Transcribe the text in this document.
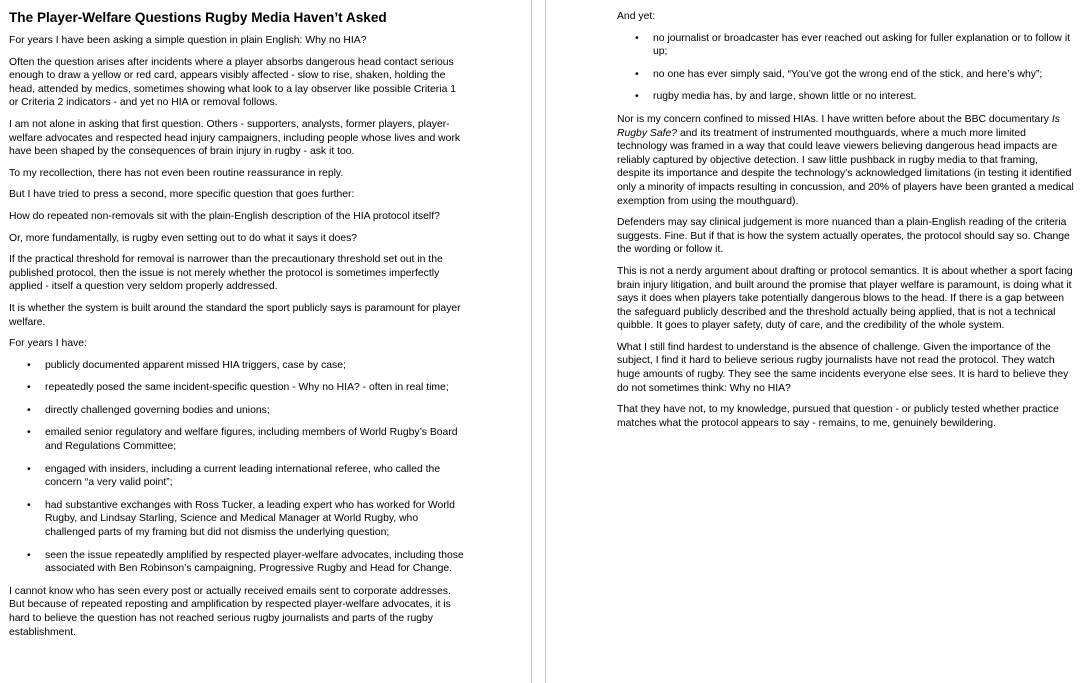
The Player-Welfare Questions Rugby Media Haven’t Asked

For years I have been asking a simple question in plain English: Why no HIA?

Often the question arises after incidents where a player absorbs dangerous head contact serious enough to draw a yellow or red card, appears visibly affected - slow to rise, shaken, holding the head, attended by medics, sometimes showing what look to a lay observer like possible Criteria 1 or Criteria 2 indicators - and yet no HIA or removal follows.

I am not alone in asking that first question. Others - supporters, analysts, former players, player-welfare advocates and respected head injury campaigners, including people whose lives and work have been shaped by the consequences of brain injury in rugby - ask it too.

To my recollection, there has not even been routine reassurance in reply.

But I have tried to press a second, more specific question that goes further:

How do repeated non-removals sit with the plain-English description of the HIA protocol itself?

Or, more fundamentally, is rugby even setting out to do what it says it does?

If the practical threshold for removal is narrower than the precautionary threshold set out in the published protocol, then the issue is not merely whether the protocol is sometimes imperfectly applied - itself a question very seldom properly addressed.

It is whether the system is built around the standard the sport publicly says is paramount for player welfare.

For years I have:

• publicly documented apparent missed HIA triggers, case by case;
• repeatedly posed the same incident-specific question - Why no HIA? - often in real time;
• directly challenged governing bodies and unions;
• emailed senior regulatory and welfare figures, including members of World Rugby’s Board and Regulations Committee;
• engaged with insiders, including a current leading international referee, who called the concern “a very valid point”;
• had substantive exchanges with Ross Tucker, a leading expert who has worked for World Rugby, and Lindsay Starling, Science and Medical Manager at World Rugby, who challenged parts of my framing but did not dismiss the underlying question;
• seen the issue repeatedly amplified by respected player-welfare advocates, including those associated with Ben Robinson’s campaigning, Progressive Rugby and Head for Change.

I cannot know who has seen every post or actually received emails sent to corporate addresses. But because of repeated reposting and amplification by respected player-welfare advocates, it is hard to believe the question has not reached serious rugby journalists and parts of the rugby establishment.

And yet:

• no journalist or broadcaster has ever reached out asking for fuller explanation or to follow it up;
• no one has ever simply said, “You’ve got the wrong end of the stick, and here’s why”;
• rugby media has, by and large, shown little or no interest.

Nor is my concern confined to missed HIAs. I have written before about the BBC documentary Is Rugby Safe? and its treatment of instrumented mouthguards, where a much more limited technology was framed in a way that could leave viewers believing dangerous head impacts are reliably captured by objective detection. I saw little pushback in rugby media to that framing, despite its importance and despite the technology’s acknowledged limitations (in testing it identified only a minority of impacts resulting in concussion, and 20% of players have been granted a medical exemption from using the mouthguard).

Defenders may say clinical judgement is more nuanced than a plain-English reading of the criteria suggests. Fine. But if that is how the system actually operates, the protocol should say so. Change the wording or follow it.

This is not a nerdy argument about drafting or protocol semantics. It is about whether a sport facing brain injury litigation, and built around the promise that player welfare is paramount, is doing what it says it does when players take potentially dangerous blows to the head. If there is a gap between the safeguard publicly described and the threshold actually being applied, that is not a technical quibble. It goes to player safety, duty of care, and the credibility of the whole system.

What I still find hardest to understand is the absence of challenge. Given the importance of the subject, I find it hard to believe serious rugby journalists have not read the protocol. They watch huge amounts of rugby. They see the same incidents everyone else sees. It is hard to believe they do not sometimes think: Why no HIA?

That they have not, to my knowledge, pursued that question - or publicly tested whether practice matches what the protocol appears to say - remains, to me, genuinely bewildering.
